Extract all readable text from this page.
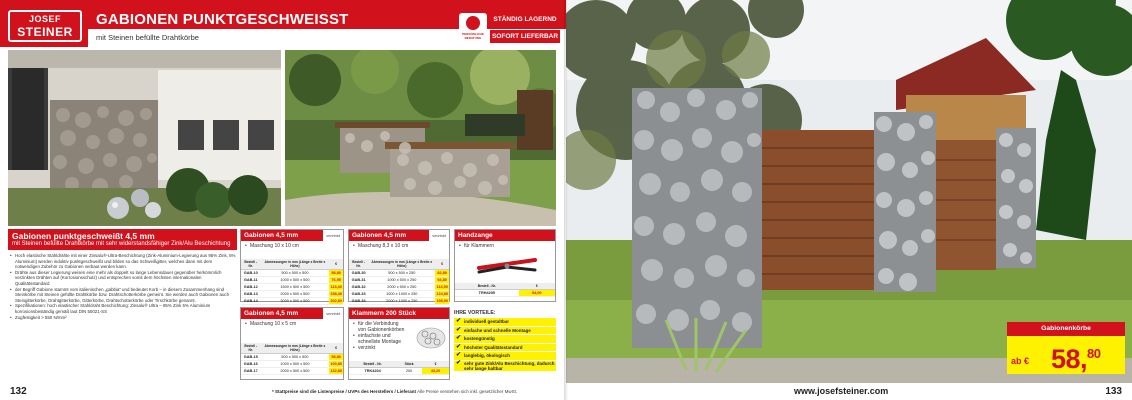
JOSEF
STEINER
GABIONEN PUNKTGESCHWEISST
mit Steinen befüllte Drahtkörbe	PERSÖNLICHE BERATUNG
STÄNDIG LAGERND
SOFORT LIEFERBAR
Gabionen punktgeschweißt 4,5 mm
mit Steinen befüllte Drahtkörbe mit sehr widerstandsfähiger Zink/Alu Beschichtung
• Hoch elastische Stahldrähte mit einer Zinsalu®-Ultra-Beschichtung (Zink-Aluminium-Legierung aus 95% Zink, 5% Aluminium) werden induktiv punktgeschweißt und bilden so das Schweißgitter, welches dann mit dem notwendigen Zubehör zu Gabionen verbaut werden kann.
• Drähte aus dieser Legierung weisen eine mehr als doppelt so lange Lebensdauer gegenüber herkömmlich verzinkten Drähten auf (Korrosionsschutz) und entsprechen somit dem höchsten internationalen Qualitätsstandard
• der Begriff Gabione stammt vom italienischen „gabbia“ und bedeutet Korb – in diesem Zusammenhang sind Steinkörbe mit Steinen gefüllte Drahtkörbe bzw. Drahtschotterkörbe gemeint. Sie werden auch Gabionen auch Steingitterkörbe, Drahtgitterkörbe, Gitterkörbe, Drahtschotterkörbe oder Tirschkörbe genannt.
• Spezifikationen: hoch elastischer Stahldraht Beschichtung: Zinsalu® Ultra – 95% Zink 5% Aluminium korrosionsbeständig gemäß laut DIN 50021-SS
• Zugfestigkeit > 550 N/mm²
Gabionen 4,5 mm	verzinkt
• Maschung 10 x 10 cm
Bestell - Nr.	Abmessungen in mm (Länge x Breite x Höhe)	€
GAB-10	500 x 500 x 500	58,80
GAB-11	1000 x 500 x 500	76,95
GAB-12	1500 x 500 x 500	113,40
GAB-13	2000 x 500 x 500	158,40
GAB-14	3000 x 500 x 500	202,80
Gabionen 4,5 mm	verzinkt
• Maschung 8,3 x 10 cm
Bestell - Nr.	Abmessungen in mm (Länge x Breite x Höhe)	€
GAB-30	500 x 500 x 250	82,89
GAB-31	1000 x 500 x 250	94,80
GAB-32	2000 x 500 x 250	114,90
GAB-33	1000 x 1000 x 250	124,80
GAB-34	2000 x 1000 x 250	198,90
Handzange
• für Klammern
Bestell - Nr.	€
TRH4205	54,00
Gabionen 4,5 mm	verzinkt
• Maschung 10 x 5 cm
Bestell - Nr.	Abmessungen in mm (Länge x Breite x Höhe)	€
GAB-15	500 x 500 x 500	58,80
GAB-16	1000 x 500 x 500	100,80
GAB-17	2000 x 500 x 500	132,80
Klammern 200 Stück
• für die Verbindung von Gabionenkörben
• einfachste und schnellste Montage
• verzinkt
Bestell - Nr.	Stück	€
TRK4204	200	43,20
IHRE VORTEILE:
✔ individuell gestaltbar
✔ einfache und schnelle Montage
✔ kostengünstig
✔ höchster Qualitätsstandard
✔ langlebig, ökologisch
✔ sehr gute Zink/Alu Beschichtung, dadurch sehr lange haltbar
132	* Stattpreise sind die Listenpreise / UVPs des Herstellers / Lieferant Alle Preise verstehen sich inkl. gesetzlicher MwSt.
Gabionenkörbe
ab € 58,80
www.josefsteiner.com	133
